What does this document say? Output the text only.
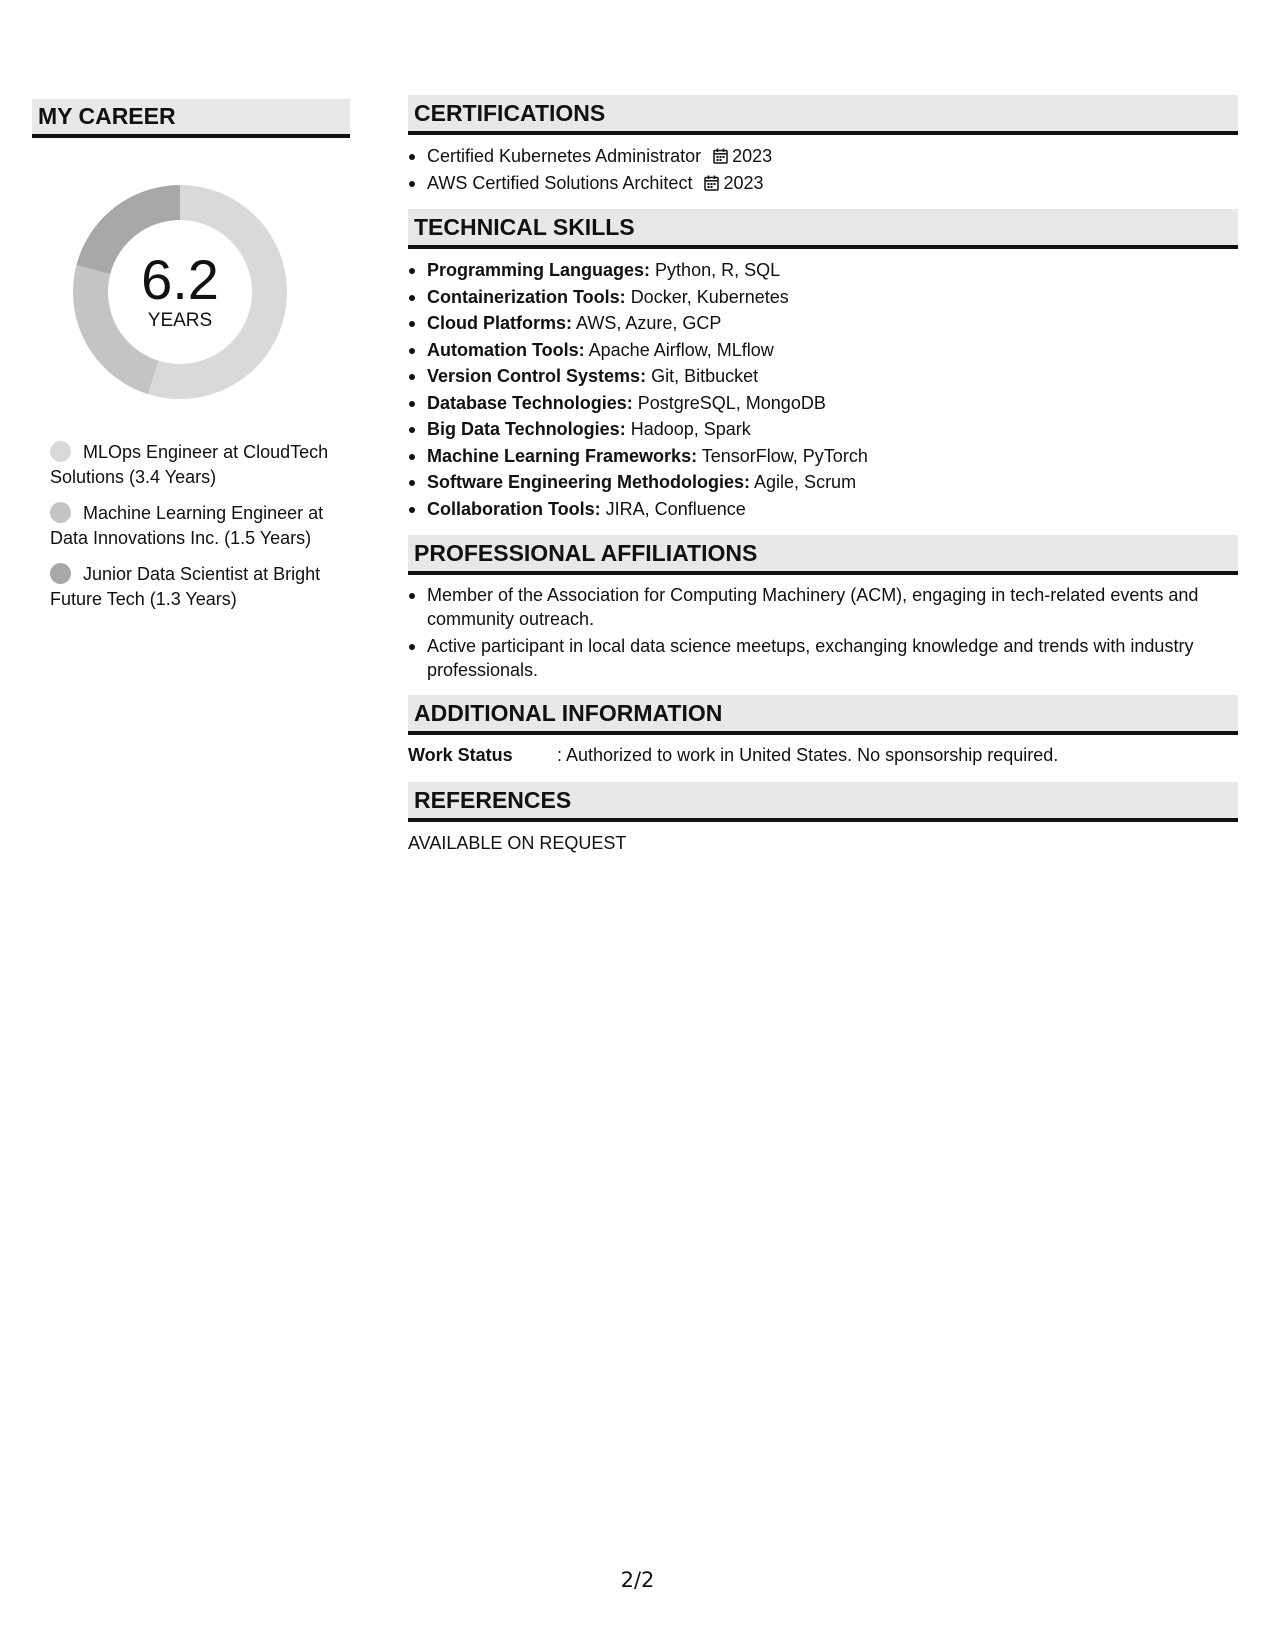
MY CAREER
6.2
YEARS
MLOps Engineer at CloudTech Solutions (3.4 Years)
Machine Learning Engineer at Data Innovations Inc. (1.5 Years)
Junior Data Scientist at Bright Future Tech (1.3 Years)
CERTIFICATIONS
Certified Kubernetes Administrator 2023
AWS Certified Solutions Architect 2023
TECHNICAL SKILLS
Programming Languages: Python, R, SQL
Containerization Tools: Docker, Kubernetes
Cloud Platforms: AWS, Azure, GCP
Automation Tools: Apache Airflow, MLflow
Version Control Systems: Git, Bitbucket
Database Technologies: PostgreSQL, MongoDB
Big Data Technologies: Hadoop, Spark
Machine Learning Frameworks: TensorFlow, PyTorch
Software Engineering Methodologies: Agile, Scrum
Collaboration Tools: JIRA, Confluence
PROFESSIONAL AFFILIATIONS
Member of the Association for Computing Machinery (ACM), engaging in tech-related events and community outreach.
Active participant in local data science meetups, exchanging knowledge and trends with industry professionals.
ADDITIONAL INFORMATION
Work Status	: Authorized to work in United States. No sponsorship required.
REFERENCES
AVAILABLE ON REQUEST
2/2
